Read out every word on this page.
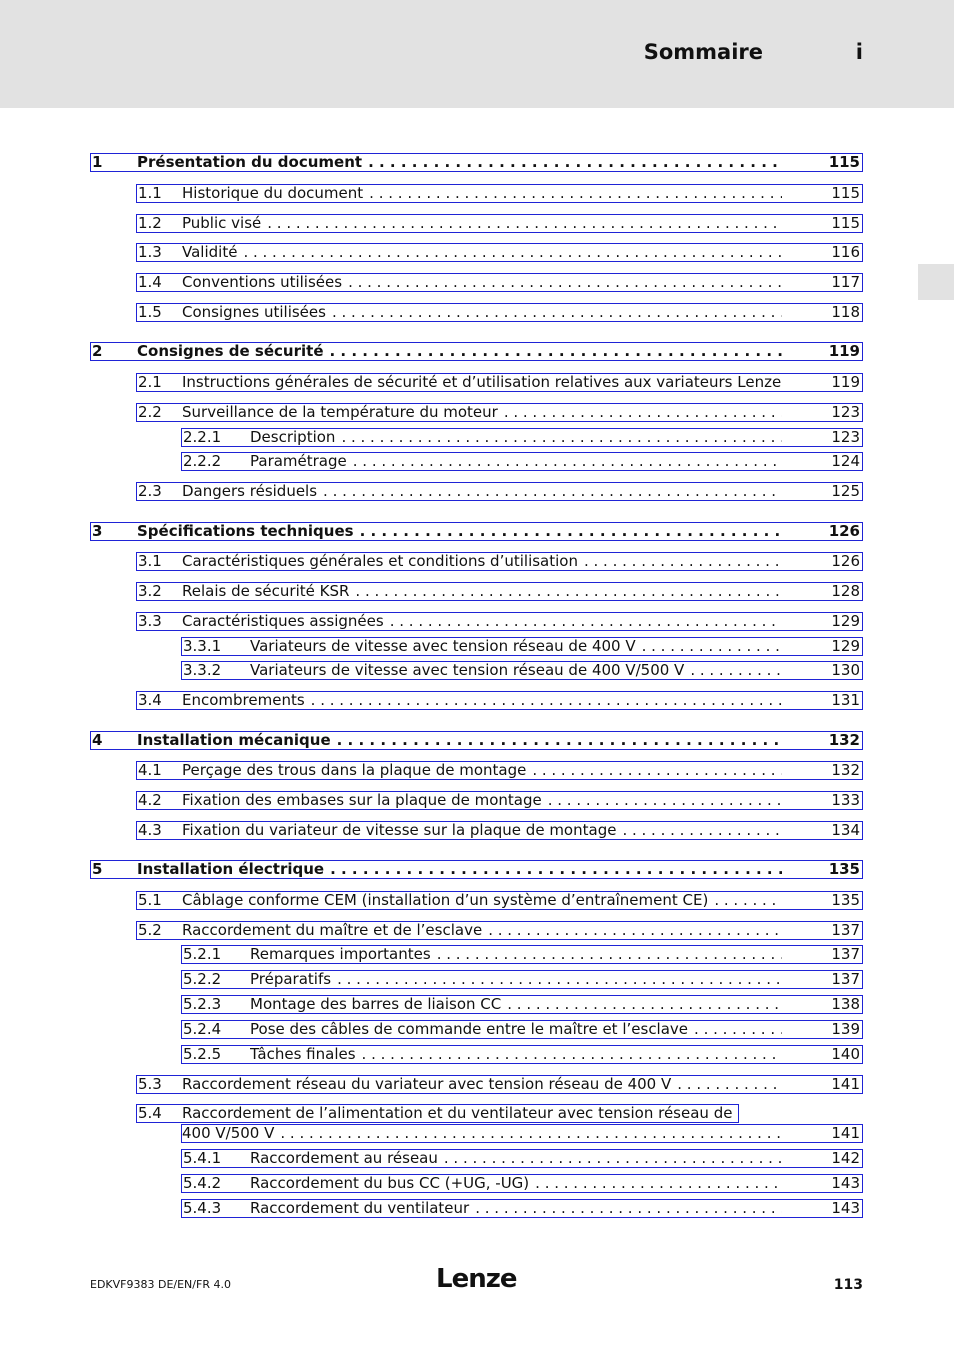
Sommaire	i
1 Présentation du document . . .	115
1.1 Historique du document . . .	115
1.2 Public visé . . .	115
1.3 Validité . . .	116
1.4 Conventions utilisées . . .	117
1.5 Consignes utilisées . . .	118
2 Consignes de sécurité . . .	119
2.1 Instructions générales de sécurité et d’utilisation relatives aux variateurs Lenze	119
2.2 Surveillance de la température du moteur . . .	123
2.2.1 Description . . .	123
2.2.2 Paramétrage . . .	124
2.3 Dangers résiduels . . .	125
3 Spécifications techniques . . .	126
3.1 Caractéristiques générales et conditions d’utilisation . . .	126
3.2 Relais de sécurité KSR . . .	128
3.3 Caractéristiques assignées . . .	129
3.3.1 Variateurs de vitesse avec tension réseau de 400 V . . .	129
3.3.2 Variateurs de vitesse avec tension réseau de 400 V/500 V . . .	130
3.4 Encombrements . . .	131
4 Installation mécanique . . .	132
4.1 Perçage des trous dans la plaque de montage . . .	132
4.2 Fixation des embases sur la plaque de montage . . .	133
4.3 Fixation du variateur de vitesse sur la plaque de montage . . .	134
5 Installation électrique . . .	135
5.1 Câblage conforme CEM (installation d’un système d’entraînement CE) . . .	135
5.2 Raccordement du maître et de l’esclave . . .	137
5.2.1 Remarques importantes . . .	137
5.2.2 Préparatifs . . .	137
5.2.3 Montage des barres de liaison CC . . .	138
5.2.4 Pose des câbles de commande entre le maître et l’esclave . . .	139
5.2.5 Tâches finales . . .	140
5.3 Raccordement réseau du variateur avec tension réseau de 400 V . . .	141
5.4 Raccordement de l’alimentation et du ventilateur avec tension réseau de
400 V/500 V . . .	141
5.4.1 Raccordement au réseau . . .	142
5.4.2 Raccordement du bus CC (+UG, -UG) . . .	143
5.4.3 Raccordement du ventilateur . . .	143
EDKVF9383 DE/EN/FR 4.0	Lenze	113
